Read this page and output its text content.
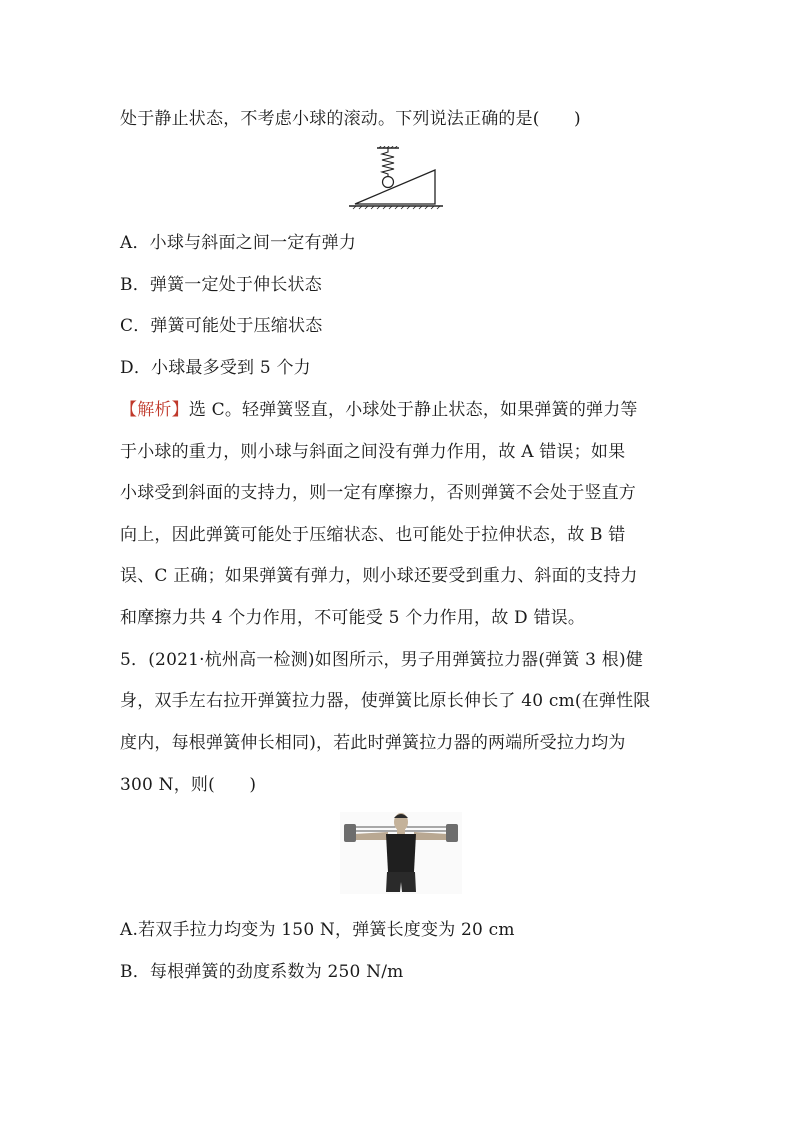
处于静止状态，不考虑小球的滚动。下列说法正确的是(　　)
A．小球与斜面之间一定有弹力
B．弹簧一定处于伸长状态
C．弹簧可能处于压缩状态
D．小球最多受到 5 个力
【解析】选 C。轻弹簧竖直，小球处于静止状态，如果弹簧的弹力等
于小球的重力，则小球与斜面之间没有弹力作用，故 A 错误；如果
小球受到斜面的支持力，则一定有摩擦力，否则弹簧不会处于竖直方
向上，因此弹簧可能处于压缩状态、也可能处于拉伸状态，故 B 错
误、C 正确；如果弹簧有弹力，则小球还要受到重力、斜面的支持力
和摩擦力共 4 个力作用，不可能受 5 个力作用，故 D 错误。
5．(2021·杭州高一检测)如图所示，男子用弹簧拉力器(弹簧 3 根)健
身，双手左右拉开弹簧拉力器，使弹簧比原长伸长了 40 cm(在弹性限
度内，每根弹簧伸长相同)，若此时弹簧拉力器的两端所受拉力均为
300 N，则(　　)
A.若双手拉力均变为 150 N，弹簧长度变为 20 cm
B．每根弹簧的劲度系数为 250 N/m
